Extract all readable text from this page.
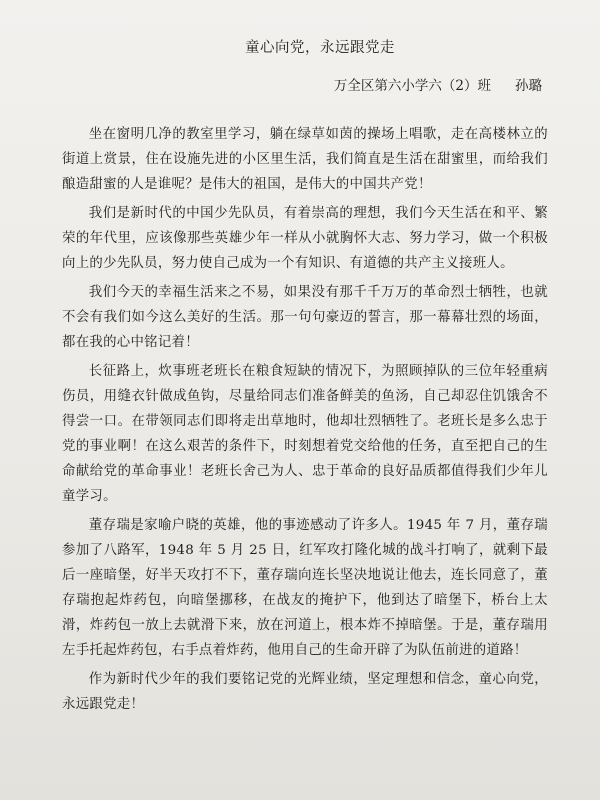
童心向党，永远跟党走
万全区第六小学六（2）班 孙璐

坐在窗明几净的教室里学习，躺在绿草如茵的操场上唱歌，走在高楼林立的街道上赏景，住在设施先进的小区里生活，我们简直是生活在甜蜜里，而给我们酿造甜蜜的人是谁呢？是伟大的祖国，是伟大的中国共产党！

我们是新时代的中国少先队员，有着崇高的理想，我们今天生活在和平、繁荣的年代里，应该像那些英雄少年一样从小就胸怀大志、努力学习，做一个积极向上的少先队员，努力使自己成为一个有知识、有道德的共产主义接班人。

我们今天的幸福生活来之不易，如果没有那千千万万的革命烈士牺牲，也就不会有我们如今这么美好的生活。那一句句豪迈的誓言，那一幕幕壮烈的场面，都在我的心中铭记着！

长征路上，炊事班老班长在粮食短缺的情况下，为照顾掉队的三位年轻重病伤员，用缝衣针做成鱼钩，尽量给同志们准备鲜美的鱼汤，自己却忍住饥饿舍不得尝一口。在带领同志们即将走出草地时，他却壮烈牺牲了。老班长是多么忠于党的事业啊！在这么艰苦的条件下，时刻想着党交给他的任务，直至把自己的生命献给党的革命事业！老班长舍己为人、忠于革命的良好品质都值得我们少年儿童学习。

董存瑞是家喻户晓的英雄，他的事迹感动了许多人。1945 年 7 月，董存瑞参加了八路军，1948 年 5 月 25 日，红军攻打隆化城的战斗打响了，就剩下最后一座暗堡，好半天攻打不下，董存瑞向连长坚决地说让他去，连长同意了，董存瑞抱起炸药包，向暗堡挪移，在战友的掩护下，他到达了暗堡下，桥台上太滑，炸药包一放上去就滑下来，放在河道上，根本炸不掉暗堡。于是，董存瑞用左手托起炸药包，右手点着炸药，他用自己的生命开辟了为队伍前进的道路！

作为新时代少年的我们要铭记党的光辉业绩，坚定理想和信念，童心向党，永远跟党走！
